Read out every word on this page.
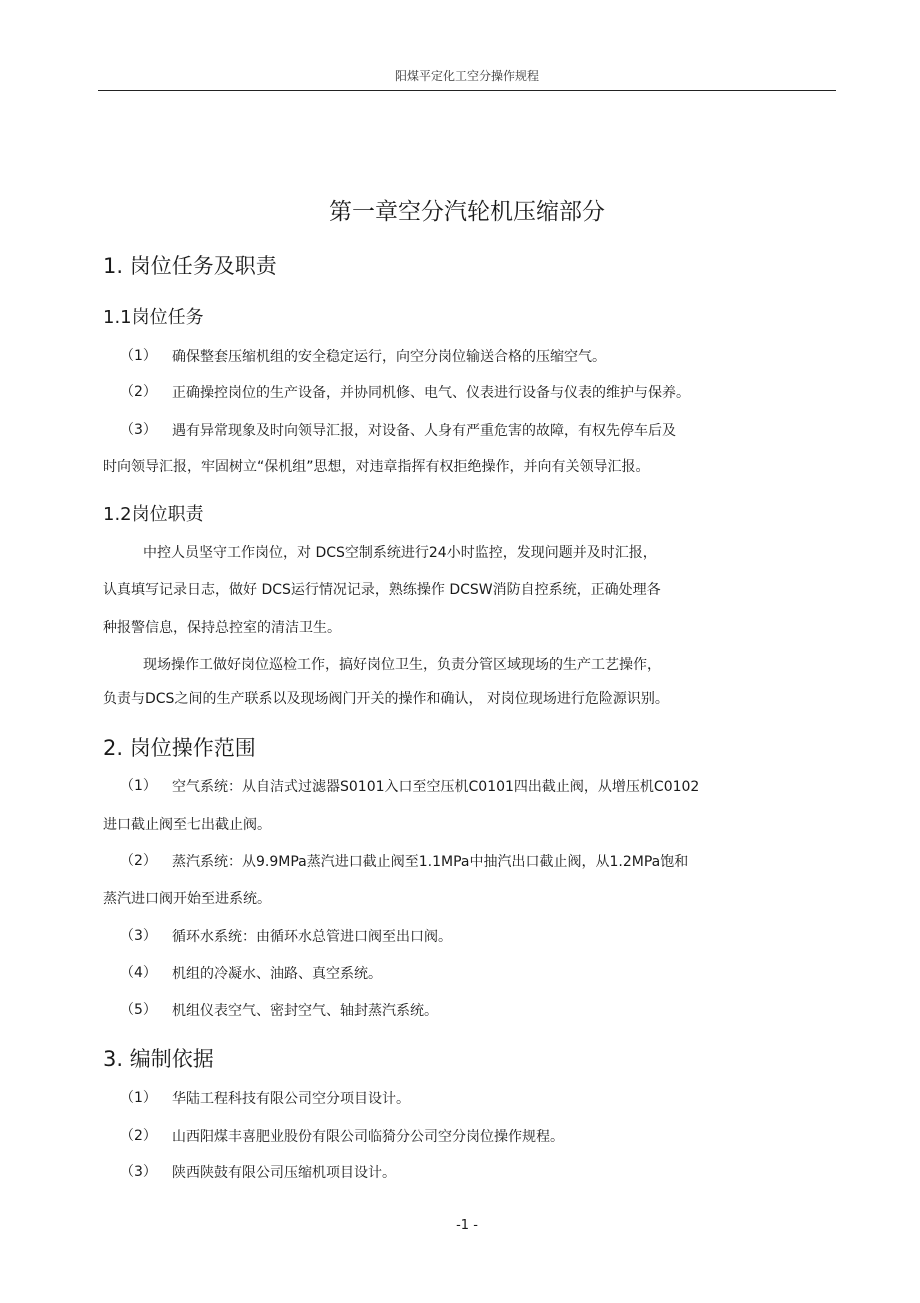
阳煤平定化工空分操作规程
第一章空分汽轮机压缩部分
1. 岗位任务及职责
1.1岗位任务
（1） 确保整套压缩机组的安全稳定运行，向空分岗位输送合格的压缩空气。
（2） 正确操控岗位的生产设备，并协同机修、电气、仪表进行设备与仪表的维护与保养。
（3） 遇有异常现象及时向领导汇报，对设备、人身有严重危害的故障，有权先停车后及
时向领导汇报，牢固树立“保机组”思想，对违章指挥有权拒绝操作，并向有关领导汇报。
1.2岗位职责
中控人员坚守工作岗位，对 DCS空制系统进行24小时监控，发现问题并及时汇报，
认真填写记录日志，做好 DCS运行情况记录，熟练操作 DCSW消防自控系统，正确处理各
种报警信息，保持总控室的清洁卫生。
现场操作工做好岗位巡检工作，搞好岗位卫生，负责分管区域现场的生产工艺操作，
负责与DCS之间的生产联系以及现场阀门开关的操作和确认， 对岗位现场进行危险源识别。
2. 岗位操作范围
（1） 空气系统：从自洁式过滤器S0101入口至空压机C0101四出截止阀，从增压机C0102
进口截止阀至七出截止阀。
（2） 蒸汽系统：从9.9MPa蒸汽进口截止阀至1.1MPa中抽汽出口截止阀，从1.2MPa饱和
蒸汽进口阀开始至进系统。
（3） 循环水系统：由循环水总管进口阀至出口阀。
（4） 机组的冷凝水、油路、真空系统。
（5） 机组仪表空气、密封空气、轴封蒸汽系统。
3. 编制依据
（1） 华陆工程科技有限公司空分项目设计。
（2） 山西阳煤丰喜肥业股份有限公司临猗分公司空分岗位操作规程。
（3） 陕西陕鼓有限公司压缩机项目设计。
-1 -
